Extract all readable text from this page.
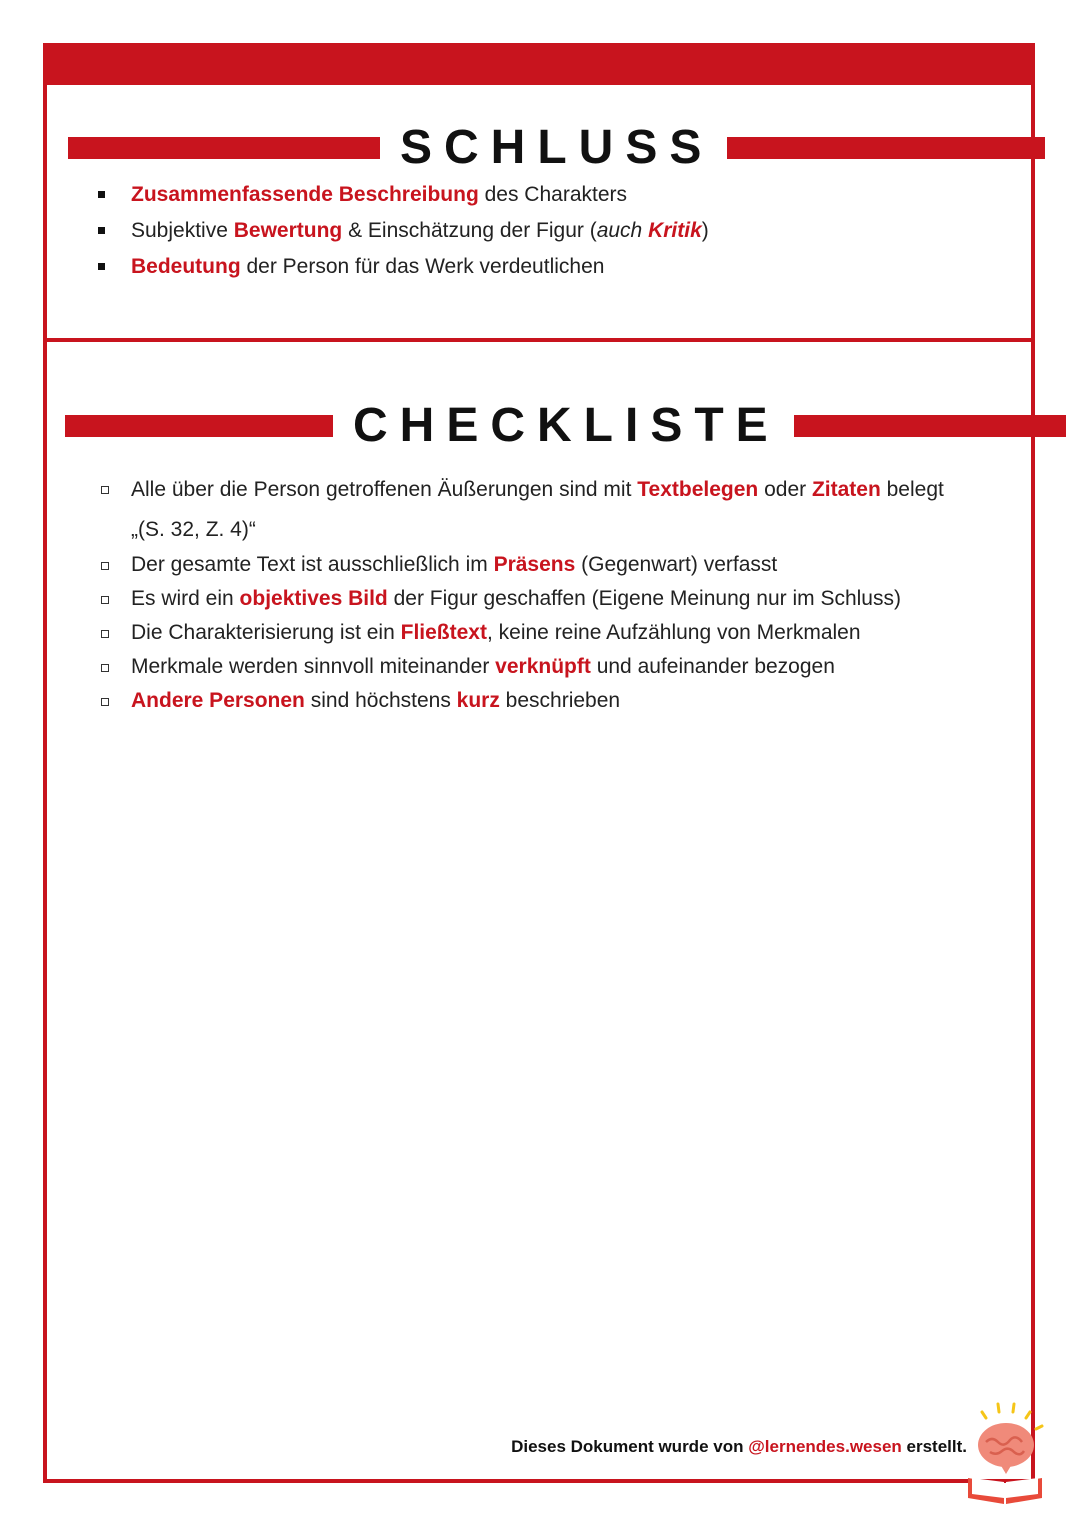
SCHLUSS
Zusammenfassende Beschreibung des Charakters
Subjektive Bewertung & Einschätzung der Figur (auch Kritik)
Bedeutung der Person für das Werk verdeutlichen
CHECKLISTE
Alle über die Person getroffenen Äußerungen sind mit Textbelegen oder Zitaten belegt
„(S. 32, Z. 4)“
Der gesamte Text ist ausschließlich im Präsens (Gegenwart) verfasst
Es wird ein objektives Bild der Figur geschaffen (Eigene Meinung nur im Schluss)
Die Charakterisierung ist ein Fließtext, keine reine Aufzählung von Merkmalen
Merkmale werden sinnvoll miteinander verknüpft und aufeinander bezogen
Andere Personen sind höchstens kurz beschrieben
Dieses Dokument wurde von @lernendes.wesen erstellt.
